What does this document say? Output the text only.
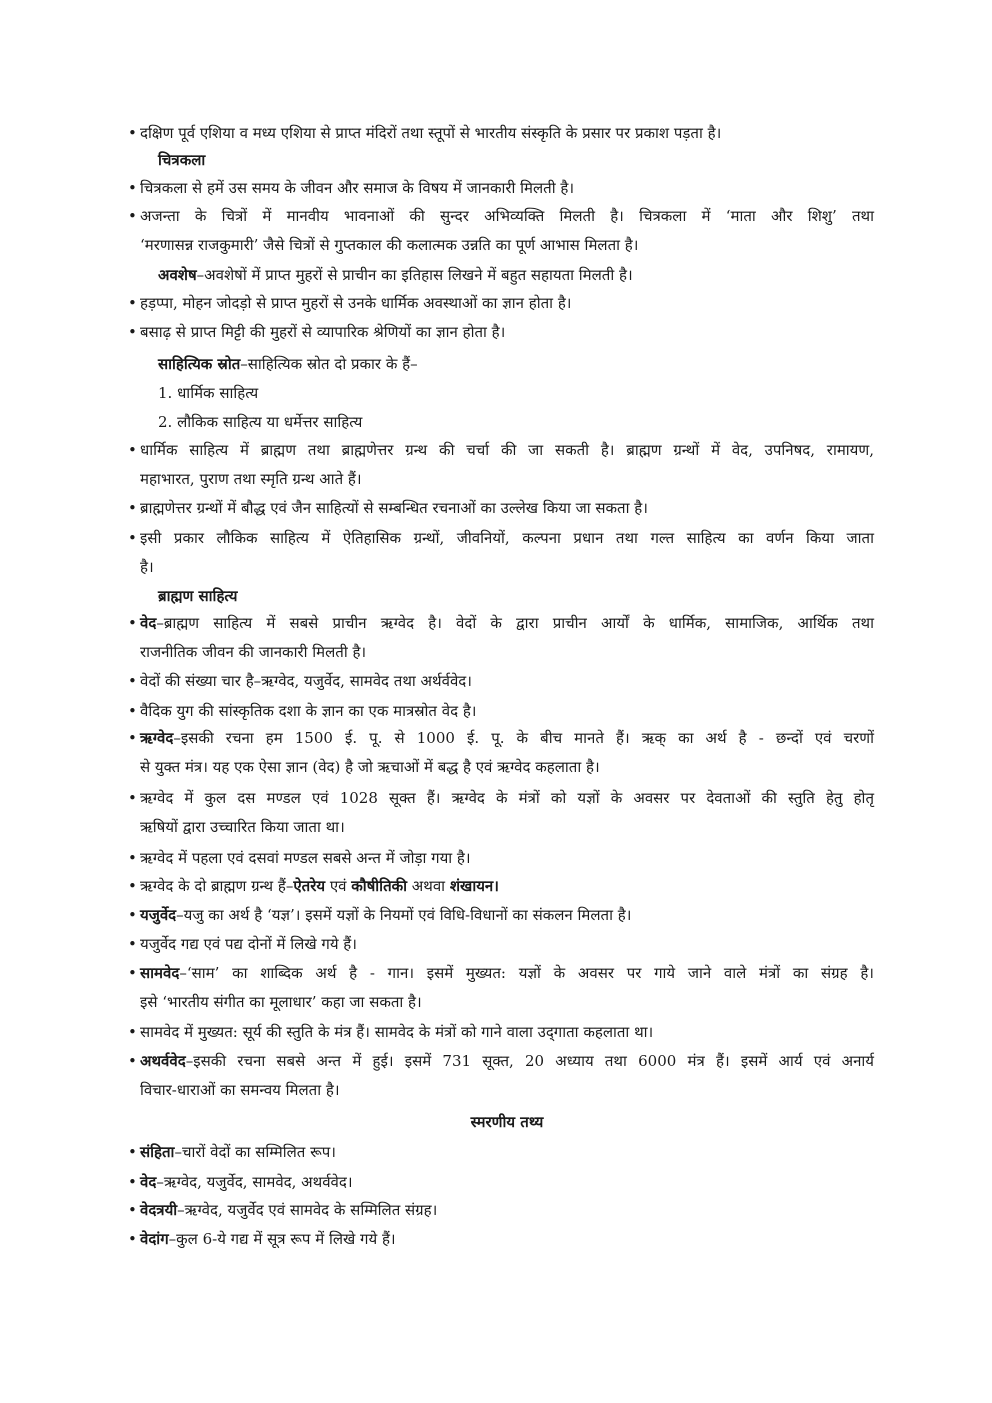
• दक्षिण पूर्व एशिया व मध्य एशिया से प्राप्त मंदिरों तथा स्तूपों से भारतीय संस्कृति के प्रसार पर प्रकाश पड़ता है।
चित्रकला
• चित्रकला से हमें उस समय के जीवन और समाज के विषय में जानकारी मिलती है।
• अजन्ता के चित्रों में मानवीय भावनाओं की सुन्दर अभिव्यक्ति मिलती है। चित्रकला में ‘माता और शिशु’ तथा
‘मरणासन्न राजकुमारी’ जैसे चित्रों से गुप्तकाल की कलात्मक उन्नति का पूर्ण आभास मिलता है।
अवशेष–अवशेषों में प्राप्त मुहरों से प्राचीन का इतिहास लिखने में बहुत सहायता मिलती है।
• हड़प्पा, मोहन जोदड़ो से प्राप्त मुहरों से उनके धार्मिक अवस्थाओं का ज्ञान होता है।
• बसाढ़ से प्राप्त मिट्टी की मुहरों से व्यापारिक श्रेणियों का ज्ञान होता है।
साहित्यिक स्रोत–साहित्यिक स्रोत दो प्रकार के हैं–
1. धार्मिक साहित्य
2. लौकिक साहित्य या धर्मेत्तर साहित्य
• धार्मिक साहित्य में ब्राह्मण तथा ब्राह्मणेत्तर ग्रन्थ की चर्चा की जा सकती है। ब्राह्मण ग्रन्थों में वेद, उपनिषद, रामायण,
महाभारत, पुराण तथा स्मृति ग्रन्थ आते हैं।
• ब्राह्मणेत्तर ग्रन्थों में बौद्ध एवं जैन साहित्यों से सम्बन्धित रचनाओं का उल्लेख किया जा सकता है।
• इसी प्रकार लौकिक साहित्य में ऐतिहासिक ग्रन्थों, जीवनियों, कल्पना प्रधान तथा गल्त साहित्य का वर्णन किया जाता
है।
ब्राह्मण साहित्य
• वेद–ब्राह्मण साहित्य में सबसे प्राचीन ऋग्वेद है। वेदों के द्वारा प्राचीन आर्यों के धार्मिक, सामाजिक, आर्थिक तथा
राजनीतिक जीवन की जानकारी मिलती है।
• वेदों की संख्या चार है–ऋग्वेद, यजुर्वेद, सामवेद तथा अर्थर्ववेद।
• वैदिक युग की सांस्कृतिक दशा के ज्ञान का एक मात्रस्रोत वेद है।
• ऋग्वेद–इसकी रचना हम 1500 ई. पू. से 1000 ई. पू. के बीच मानते हैं। ऋक् का अर्थ है - छन्दों एवं चरणों
से युक्त मंत्र। यह एक ऐसा ज्ञान (वेद) है जो ऋचाओं में बद्ध है एवं ऋग्वेद कहलाता है।
• ऋग्वेद में कुल दस मण्डल एवं 1028 सूक्त हैं। ऋग्वेद के मंत्रों को यज्ञों के अवसर पर देवताओं की स्तुति हेतु होतृ
ऋषियों द्वारा उच्चारित किया जाता था।
• ऋग्वेद में पहला एवं दसवां मण्डल सबसे अन्त में जोड़ा गया है।
• ऋग्वेद के दो ब्राह्मण ग्रन्थ हैं–ऐतरेय एवं कौषीतिकी अथवा शंखायन।
• यजुर्वेद–यजु का अर्थ है ‘यज्ञ’। इसमें यज्ञों के नियमों एवं विधि-विधानों का संकलन मिलता है।
• यजुर्वेद गद्य एवं पद्य दोनों में लिखे गये हैं।
• सामवेद–‘साम’ का शाब्दिक अर्थ है - गान। इसमें मुख्यत: यज्ञों के अवसर पर गाये जाने वाले मंत्रों का संग्रह है।
इसे ‘भारतीय संगीत का मूलाधार’ कहा जा सकता है।
• सामवेद में मुख्यत: सूर्य की स्तुति के मंत्र हैं। सामवेद के मंत्रों को गाने वाला उद्‌गाता कहलाता था।
• अथर्ववेद–इसकी रचना सबसे अन्त में हुई। इसमें 731 सूक्त, 20 अध्याय तथा 6000 मंत्र हैं। इसमें आर्य एवं अनार्य
विचार-धाराओं का समन्वय मिलता है।
स्मरणीय तथ्य
• संहिता–चारों वेदों का सम्मिलित रूप।
• वेद–ऋग्वेद, यजुर्वेद, सामवेद, अथर्ववेद।
• वेदत्रयी–ऋग्वेद, यजुर्वेद एवं सामवेद के सम्मिलित संग्रह।
• वेदांग–कुल 6-ये गद्य में सूत्र रूप में लिखे गये हैं।
